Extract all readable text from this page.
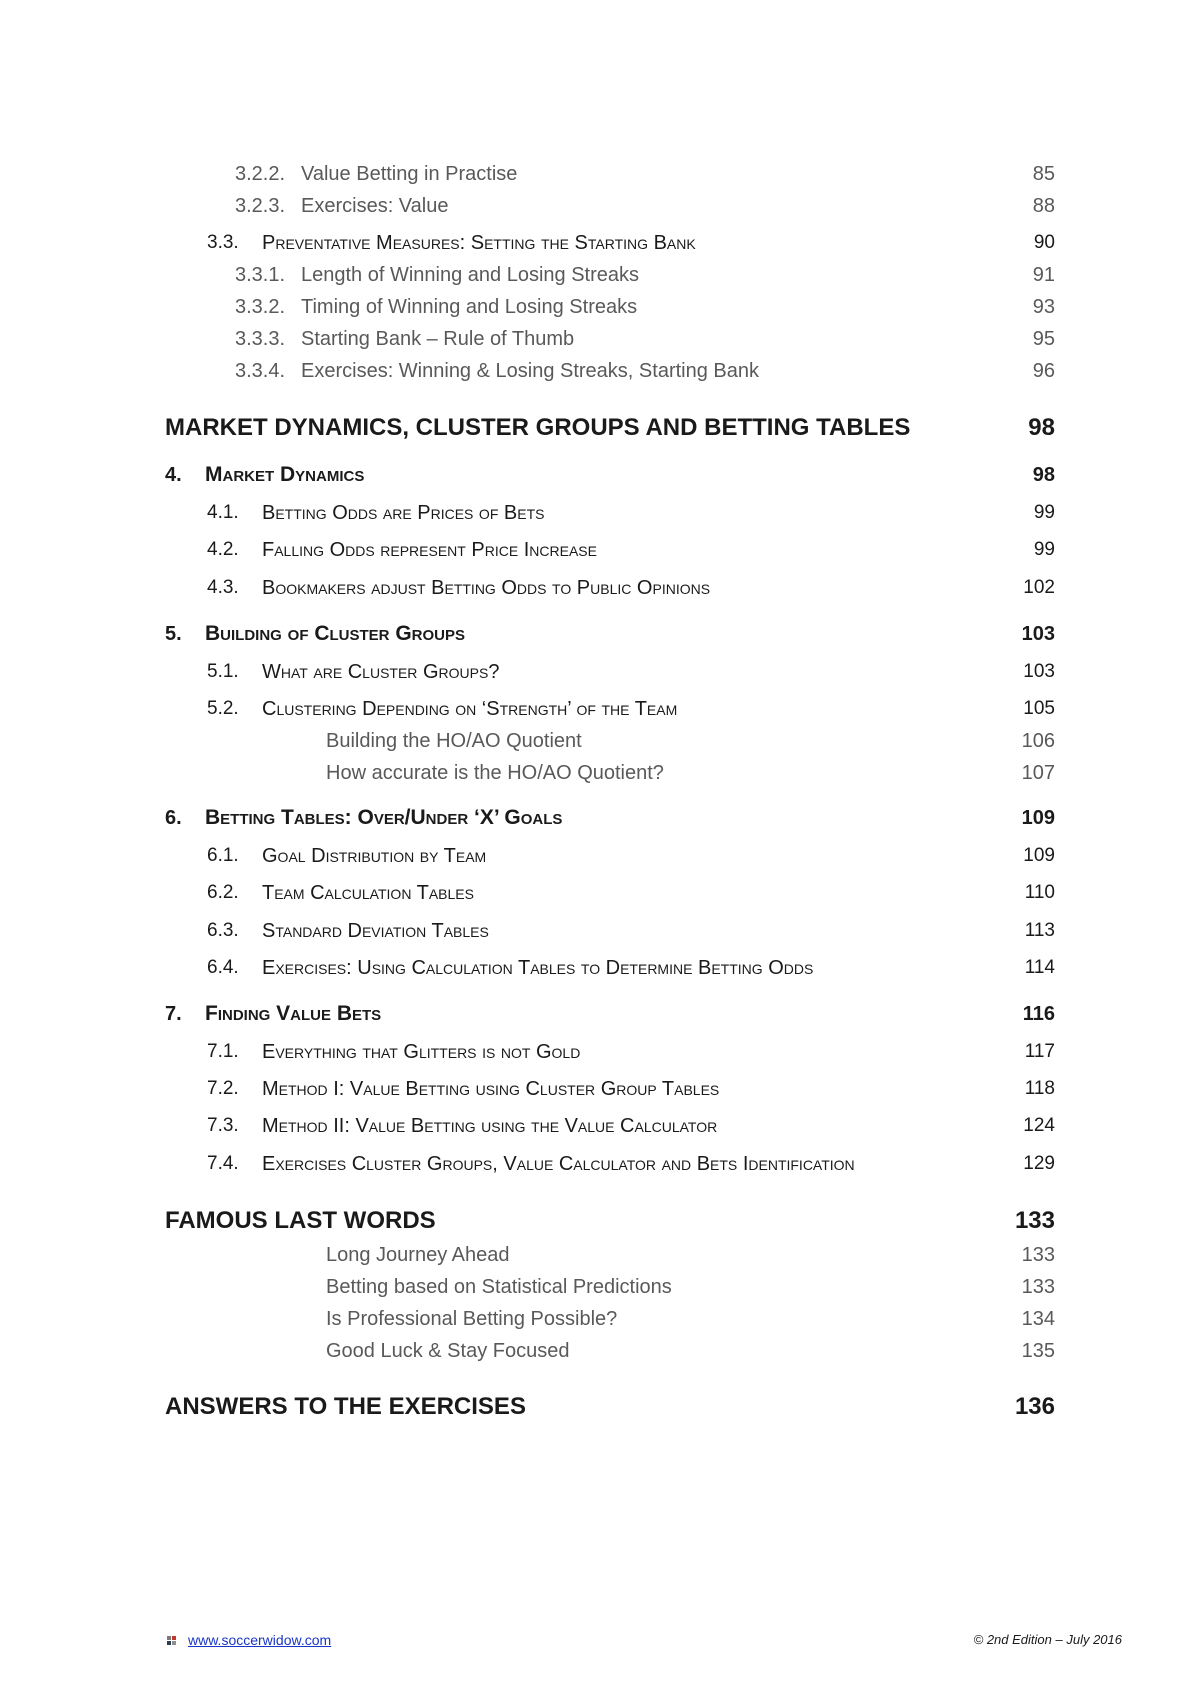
3.2.2. Value Betting in Practise	85
3.2.3. Exercises: Value	88
3.3. Preventative Measures: Setting the Starting Bank	90
3.3.1. Length of Winning and Losing Streaks	91
3.3.2. Timing of Winning and Losing Streaks	93
3.3.3. Starting Bank – Rule of Thumb	95
3.3.4. Exercises: Winning & Losing Streaks, Starting Bank	96
MARKET DYNAMICS, CLUSTER GROUPS AND BETTING TABLES	98
4. Market Dynamics	98
4.1. Betting Odds are Prices of Bets	99
4.2. Falling Odds represent Price Increase	99
4.3. Bookmakers adjust Betting Odds to Public Opinions	102
5. Building of Cluster Groups	103
5.1. What are Cluster Groups?	103
5.2. Clustering Depending on ‘Strength’ of the Team	105
Building the HO/AO Quotient	106
How accurate is the HO/AO Quotient?	107
6. Betting Tables: Over/Under ‘X’ Goals	109
6.1. Goal Distribution by Team	109
6.2. Team Calculation Tables	110
6.3. Standard Deviation Tables	113
6.4. Exercises: Using Calculation Tables to Determine Betting Odds	114
7. Finding Value Bets	116
7.1. Everything that Glitters is not Gold	117
7.2. Method I: Value Betting using Cluster Group Tables	118
7.3. Method II: Value Betting using the Value Calculator	124
7.4. Exercises Cluster Groups, Value Calculator and Bets Identification	129
FAMOUS LAST WORDS	133
Long Journey Ahead	133
Betting based on Statistical Predictions	133
Is Professional Betting Possible?	134
Good Luck & Stay Focused	135
ANSWERS TO THE EXERCISES	136
www.soccerwidow.com	© 2nd Edition – July 2016
